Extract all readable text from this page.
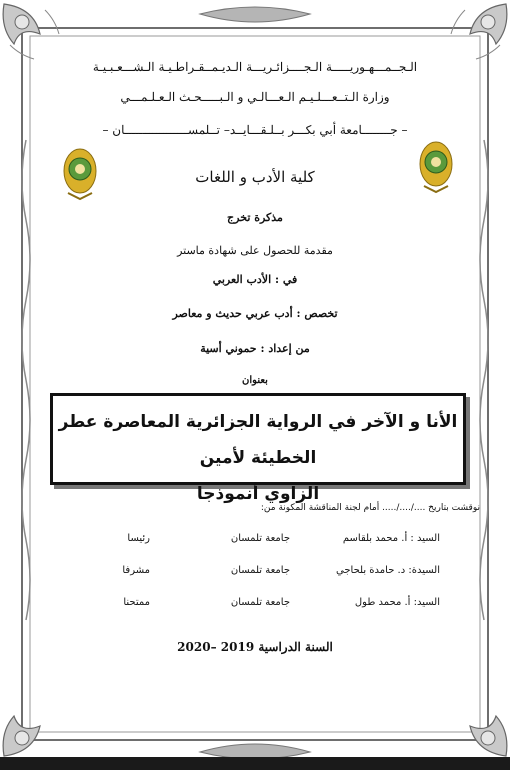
الـجــمـــهـوريـــــة الـجــــزائـريـــة الـديـمــقـراطـيـة الـشـــعـبـيـة
وزارة الـتــعـــلـيـم الـعـــالـي و الـبـــــحـث الـعـلـمـــي
– جــــــــامعة أبي بكـــر بــلـقـــايــد– تــلمســــــــــــــــــان –
كلية الأدب و اللغات
مذكرة تخرج
مقدمة للحصول على شهادة ماستر
في : الأدب العربي
تخصص : أدب عربي حديث و معاصر
من إعداد : حموني أسية
بعنوان
الأنا و الآخر في الرواية الجزائرية المعاصرة عطر الخطيئة لأمين
الزاوي أنموذجا
نوقشت بتاريخ ..../..../..... أمام لجنة المناقشة المكونة من:
السيد : أ. محمد بلقاسم
جامعة تلمسان
رئيسا
السيدة: د. حامدة بلحاجي
جامعة تلمسان
مشرفا
السيد: أ. محمد طول
جامعة تلمسان
ممتحنا
السنة الدراسية 2019 –2020
